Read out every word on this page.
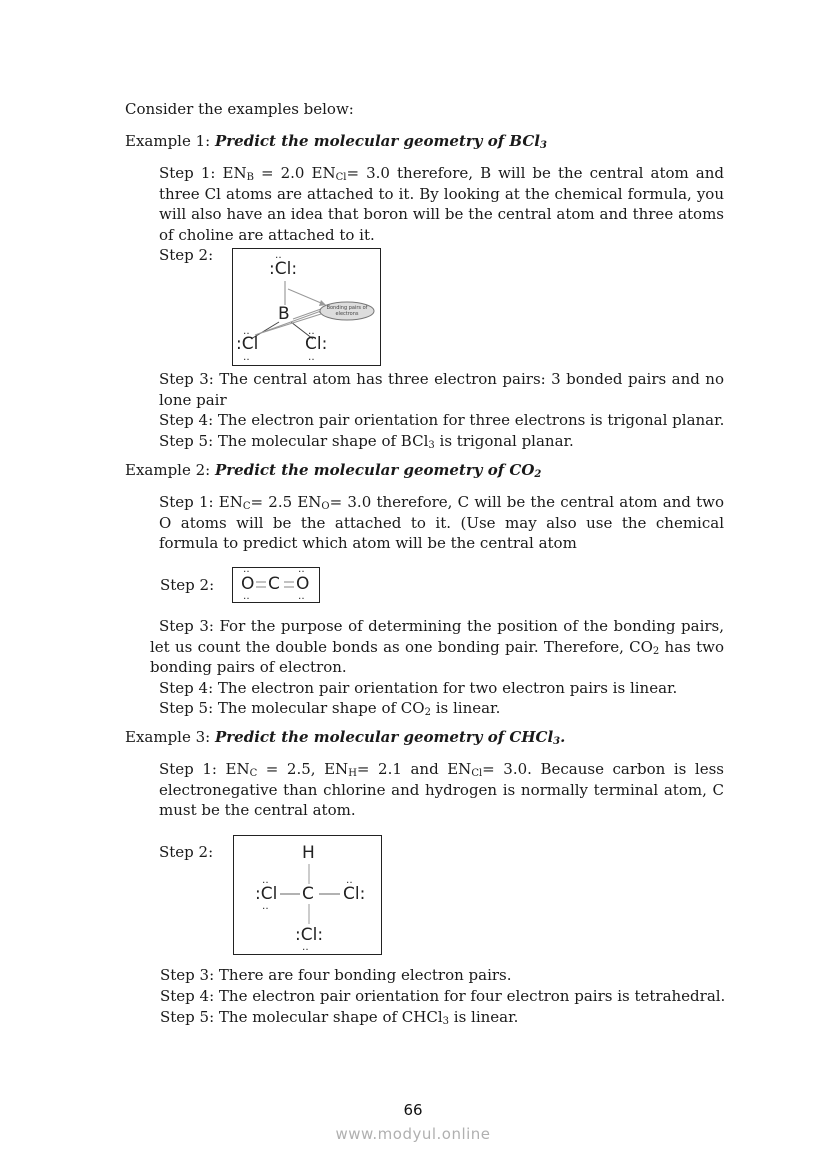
Consider the examples below:
Example 1: Predict the molecular geometry of BCl$_3$
Step 1: $EN_B = 2.0$ $EN_{Cl}= 3.0$ therefore, B will be the central atom and three Cl atoms are attached to it. By looking at the chemical formula, you will also have an idea that boron will be the central atom and three atoms of choline are attached to it.
Step 2:
:Cl:
‥
B
:Cl
‥
‥
Cl:
‥
‥
Bonding pairs of electrons
Step 3: The central atom has three electron pairs: 3 bonded pairs and no lone pair
Step 4: The electron pair orientation for three electrons is trigonal planar.
Step 5: The molecular shape of BCl$_3$ is trigonal planar.
Example 2: Predict the molecular geometry of $CO_2$
Step 1: $EN_C= 2.5$ $EN_O= 3.0$ therefore, C will be the central atom and two O atoms will be the attached to it. (Use may also use the chemical formula to predict which atom will be the central atom
Step 2: O
‥
‥
C O
‥
‥
Step 3: For the purpose of determining the position of the bonding pairs, let us count the double bonds as one bonding pair. Therefore, $CO_2$ has two bonding pairs of electron.
Step 4: The electron pair orientation for two electron pairs is linear.
Step 5: The molecular shape of $CO_2$ is linear.
Example 3: Predict the molecular geometry of CHCl$_3$.
Step 1: $EN_C = 2.5$, $EN_H= 2.1$ and $EN_{Cl}= 3.0$. Because carbon is less electronegative than chlorine and hydrogen is normally terminal atom, C must be the central atom.
Step 2:	H
C
:Cl
‥
‥
Cl:
‥
:Cl:
‥
Step 3: There are four bonding electron pairs.
Step 4: The electron pair orientation for four electron pairs is tetrahedral.
Step 5: The molecular shape of CHCl$_3$ is linear.
66
www.modyul.online
